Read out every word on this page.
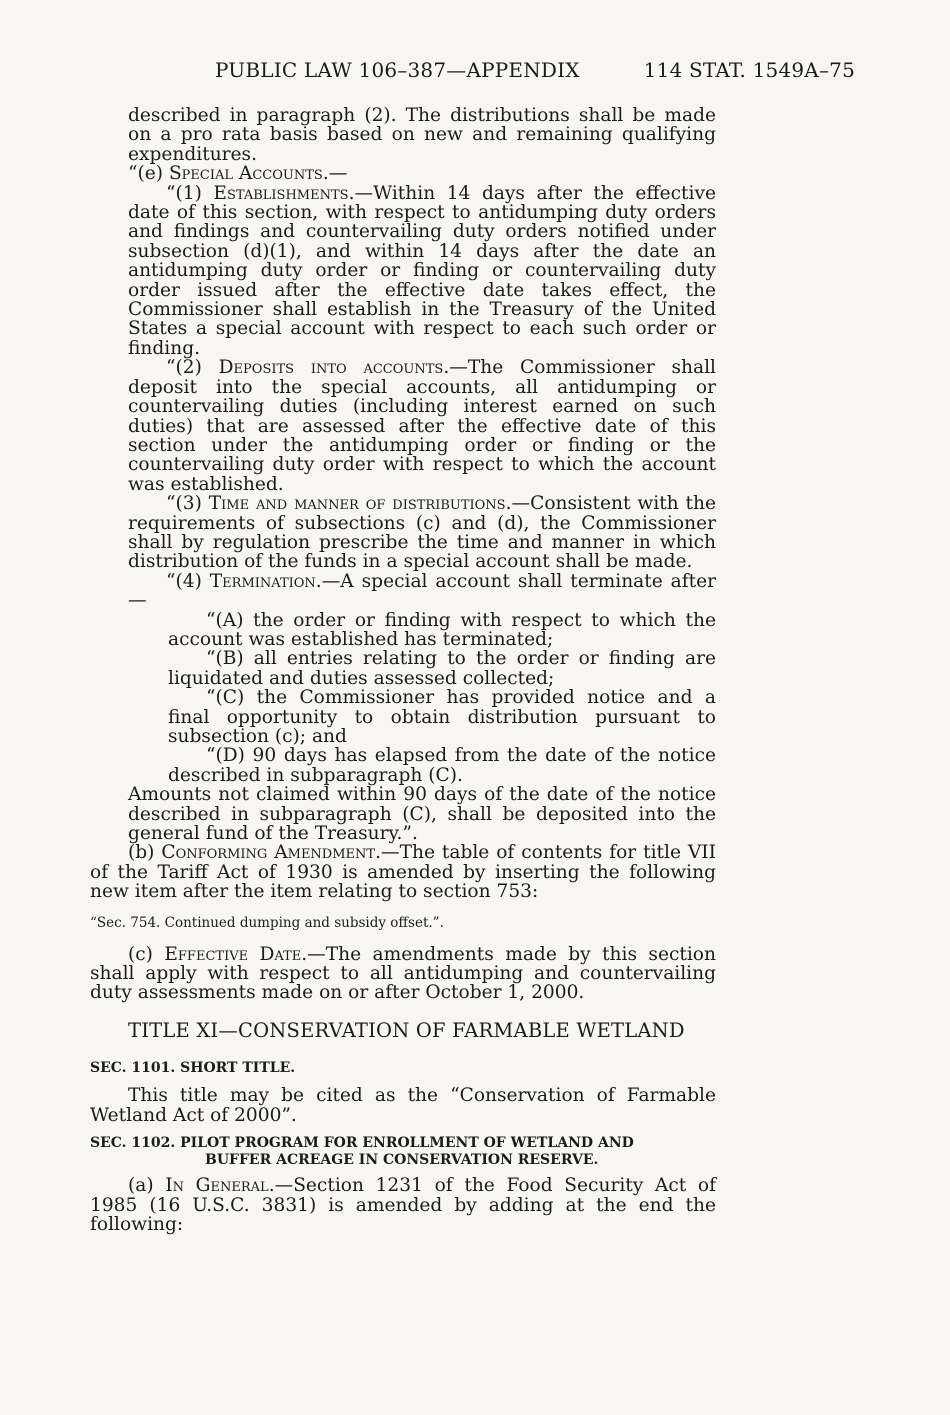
PUBLIC LAW 106–387—APPENDIX	114 STAT. 1549A–75

described in paragraph (2). The distributions shall be made on a pro rata basis based on new and remaining qualifying expenditures.

“(e) Special Accounts.—

“(1) Establishments.—Within 14 days after the effective date of this section, with respect to antidumping duty orders and findings and countervailing duty orders notified under subsection (d)(1), and within 14 days after the date an antidumping duty order or finding or countervailing duty order issued after the effective date takes effect, the Commissioner shall establish in the Treasury of the United States a special account with respect to each such order or finding.

“(2) Deposits into accounts.—The Commissioner shall deposit into the special accounts, all antidumping or countervailing duties (including interest earned on such duties) that are assessed after the effective date of this section under the antidumping order or finding or the countervailing duty order with respect to which the account was established.

“(3) Time and manner of distributions.—Consistent with the requirements of subsections (c) and (d), the Commissioner shall by regulation prescribe the time and manner in which distribution of the funds in a special account shall be made.

“(4) Termination.—A special account shall terminate after—

“(A) the order or finding with respect to which the account was established has terminated;

“(B) all entries relating to the order or finding are liquidated and duties assessed collected;

“(C) the Commissioner has provided notice and a final opportunity to obtain distribution pursuant to subsection (c); and

“(D) 90 days has elapsed from the date of the notice described in subparagraph (C).

Amounts not claimed within 90 days of the date of the notice described in subparagraph (C), shall be deposited into the general fund of the Treasury.”.

(b) Conforming Amendment.—The table of contents for title VII of the Tariff Act of 1930 is amended by inserting the following new item after the item relating to section 753:

“Sec. 754. Continued dumping and subsidy offset.”.

(c) Effective Date.—The amendments made by this section shall apply with respect to all antidumping and countervailing duty assessments made on or after October 1, 2000.

TITLE XI—CONSERVATION OF FARMABLE WETLAND

SEC. 1101. SHORT TITLE.

This title may be cited as the “Conservation of Farmable Wetland Act of 2000”.

SEC. 1102. PILOT PROGRAM FOR ENROLLMENT OF WETLAND AND
BUFFER ACREAGE IN CONSERVATION RESERVE.

(a) In General.—Section 1231 of the Food Security Act of 1985 (16 U.S.C. 3831) is amended by adding at the end the following:
